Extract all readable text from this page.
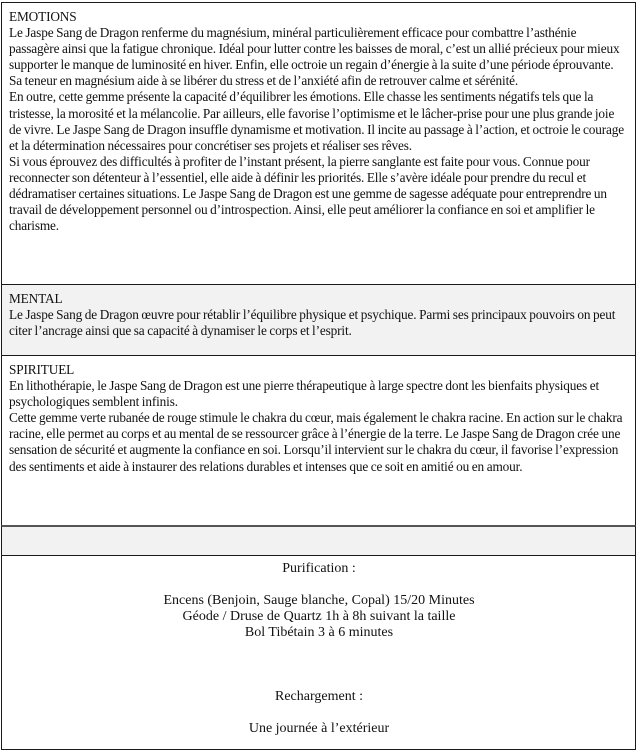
EMOTIONS

Le Jaspe Sang de Dragon renferme du magnésium, minéral particulièrement efficace pour combattre l’asthénie passagère ainsi que la fatigue chronique. Idéal pour lutter contre les baisses de moral, c’est un allié précieux pour mieux supporter le manque de luminosité en hiver. Enfin, elle octroie un regain d’énergie à la suite d’une période éprouvante. Sa teneur en magnésium aide à se libérer du stress et de l’anxiété afin de retrouver calme et sérénité.

En outre, cette gemme présente la capacité d’équilibrer les émotions. Elle chasse les sentiments négatifs tels que la tristesse, la morosité et la mélancolie. Par ailleurs, elle favorise l’optimisme et le lâcher-prise pour une plus grande joie de vivre. Le Jaspe Sang de Dragon insuffle dynamisme et motivation. Il incite au passage à l’action, et octroie le courage et la détermination nécessaires pour concrétiser ses projets et réaliser ses rêves.

Si vous éprouvez des difficultés à profiter de l’instant présent, la pierre sanglante est faite pour vous. Connue pour reconnecter son détenteur à l’essentiel, elle aide à définir les priorités. Elle s’avère idéale pour prendre du recul et dédramatiser certaines situations. Le Jaspe Sang de Dragon est une gemme de sagesse adéquate pour entreprendre un travail de développement personnel ou d’introspection. Ainsi, elle peut améliorer la confiance en soi et amplifier le charisme.

MENTAL

Le Jaspe Sang de Dragon œuvre pour rétablir l’équilibre physique et psychique. Parmi ses principaux pouvoirs on peut citer l’ancrage ainsi que sa capacité à dynamiser le corps et l’esprit.

SPIRITUEL

En lithothérapie, le Jaspe Sang de Dragon est une pierre thérapeutique à large spectre dont les bienfaits physiques et psychologiques semblent infinis.

Cette gemme verte rubanée de rouge stimule le chakra du cœur, mais également le chakra racine. En action sur le chakra racine, elle permet au corps et au mental de se ressourcer grâce à l’énergie de la terre. Le Jaspe Sang de Dragon crée une sensation de sécurité et augmente la confiance en soi. Lorsqu’il intervient sur le chakra du cœur, il favorise l’expression des sentiments et aide à instaurer des relations durables et intenses que ce soit en amitié ou en amour.

Purification :

Encens (Benjoin, Sauge blanche, Copal) 15/20 Minutes

Géode / Druse de Quartz 1h à 8h suivant la taille

Bol Tibétain 3 à 6 minutes

Rechargement :

Une journée à l’extérieur
